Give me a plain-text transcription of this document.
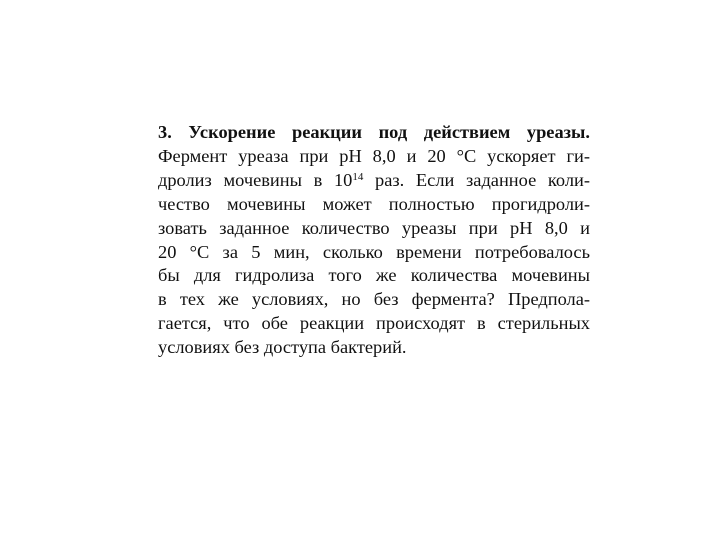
3. Ускорение реакции под действием уреазы.
Фермент уреаза при pH 8,0 и 20 °С ускоряет ги-
дролиз мочевины в $10^{14}$ раз. Если заданное коли-
чество мочевины может полностью прогидроли-
зовать заданное количество уреазы при pH 8,0 и
20 °С за 5 мин, сколько времени потребовалось
бы для гидролиза того же количества мочевины
в тех же условиях, но без фермента? Предпола-
гается, что обе реакции происходят в стерильных
условиях без доступа бактерий.
